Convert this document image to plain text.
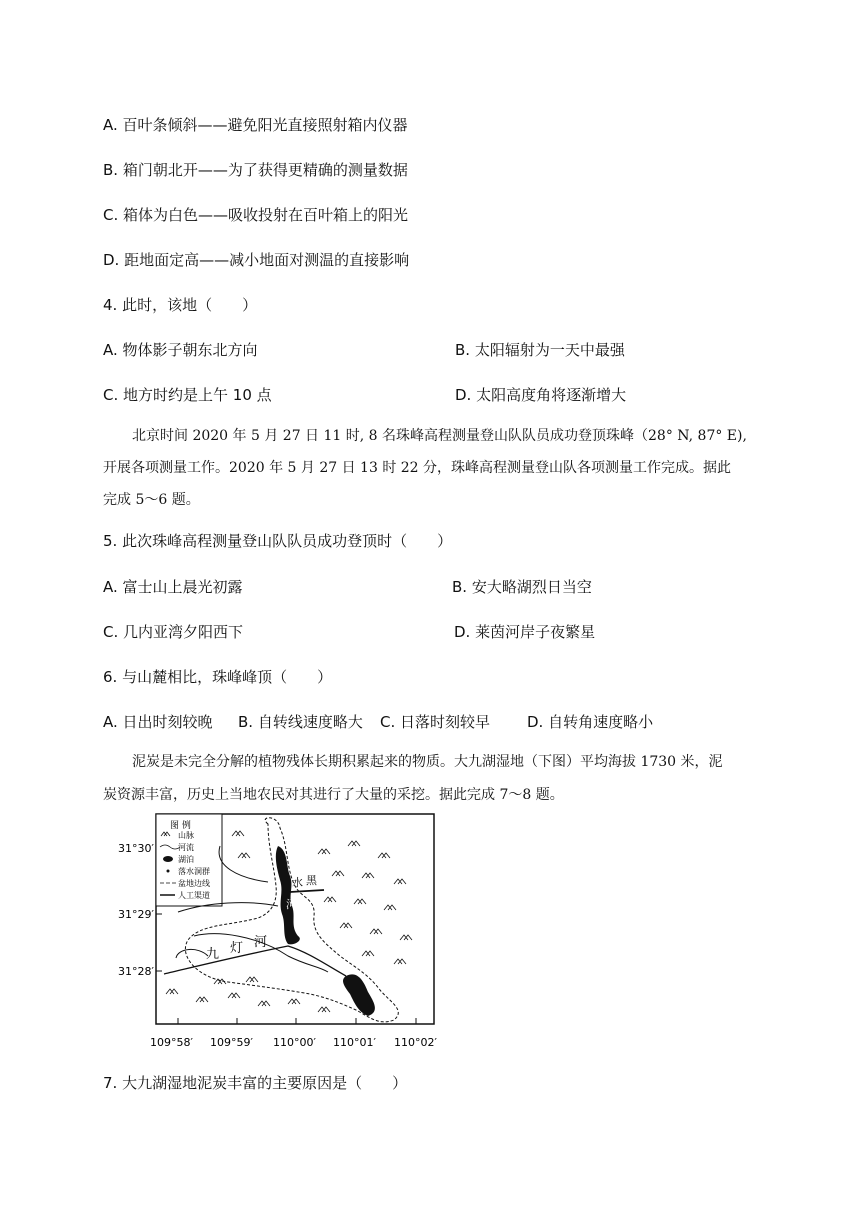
A. 百叶条倾斜——避免阳光直接照射箱内仪器
B. 箱门朝北开——为了获得更精确的测量数据
C. 箱体为白色——吸收投射在百叶箱上的阳光
D. 距地面定高——减小地面对测温的直接影响
4. 此时，该地（　　）
A. 物体影子朝东北方向	B. 太阳辐射为一天中最强
C. 地方时约是上午 10 点	D. 太阳高度角将逐渐增大
北京时间 2020 年 5 月 27 日 11 时, 8 名珠峰高程测量登山队队员成功登顶珠峰（28° N, 87° E),
开展各项测量工作。2020 年 5 月 27 日 13 时 22 分，珠峰高程测量登山队各项测量工作完成。据此
完成 5～6 题。
5. 此次珠峰高程测量登山队队员成功登顶时（　　）
A. 富士山上晨光初露	B. 安大略湖烈日当空
C. 几内亚湾夕阳西下	D. 莱茵河岸子夜繁星
6. 与山麓相比，珠峰峰顶（　　）
A. 日出时刻较晚 B. 自转线速度略大 C. 日落时刻较早 D. 自转角速度略小
泥炭是未完全分解的植物残体长期积累起来的物质。大九湖湿地（下图）平均海拔 1730 米，泥
炭资源丰富，历史上当地农民对其进行了大量的采挖。据此完成 7～8 题。
31°30′
31°29′
31°28′
109°58′ 109°59′ 110°00′ 110°01′ 110°02′
图 例
山脉
河流
湖泊
落水洞群
盆地边线
人工渠道
九 灯 河
水 黑
河
7. 大九湖湿地泥炭丰富的主要原因是（　　）
